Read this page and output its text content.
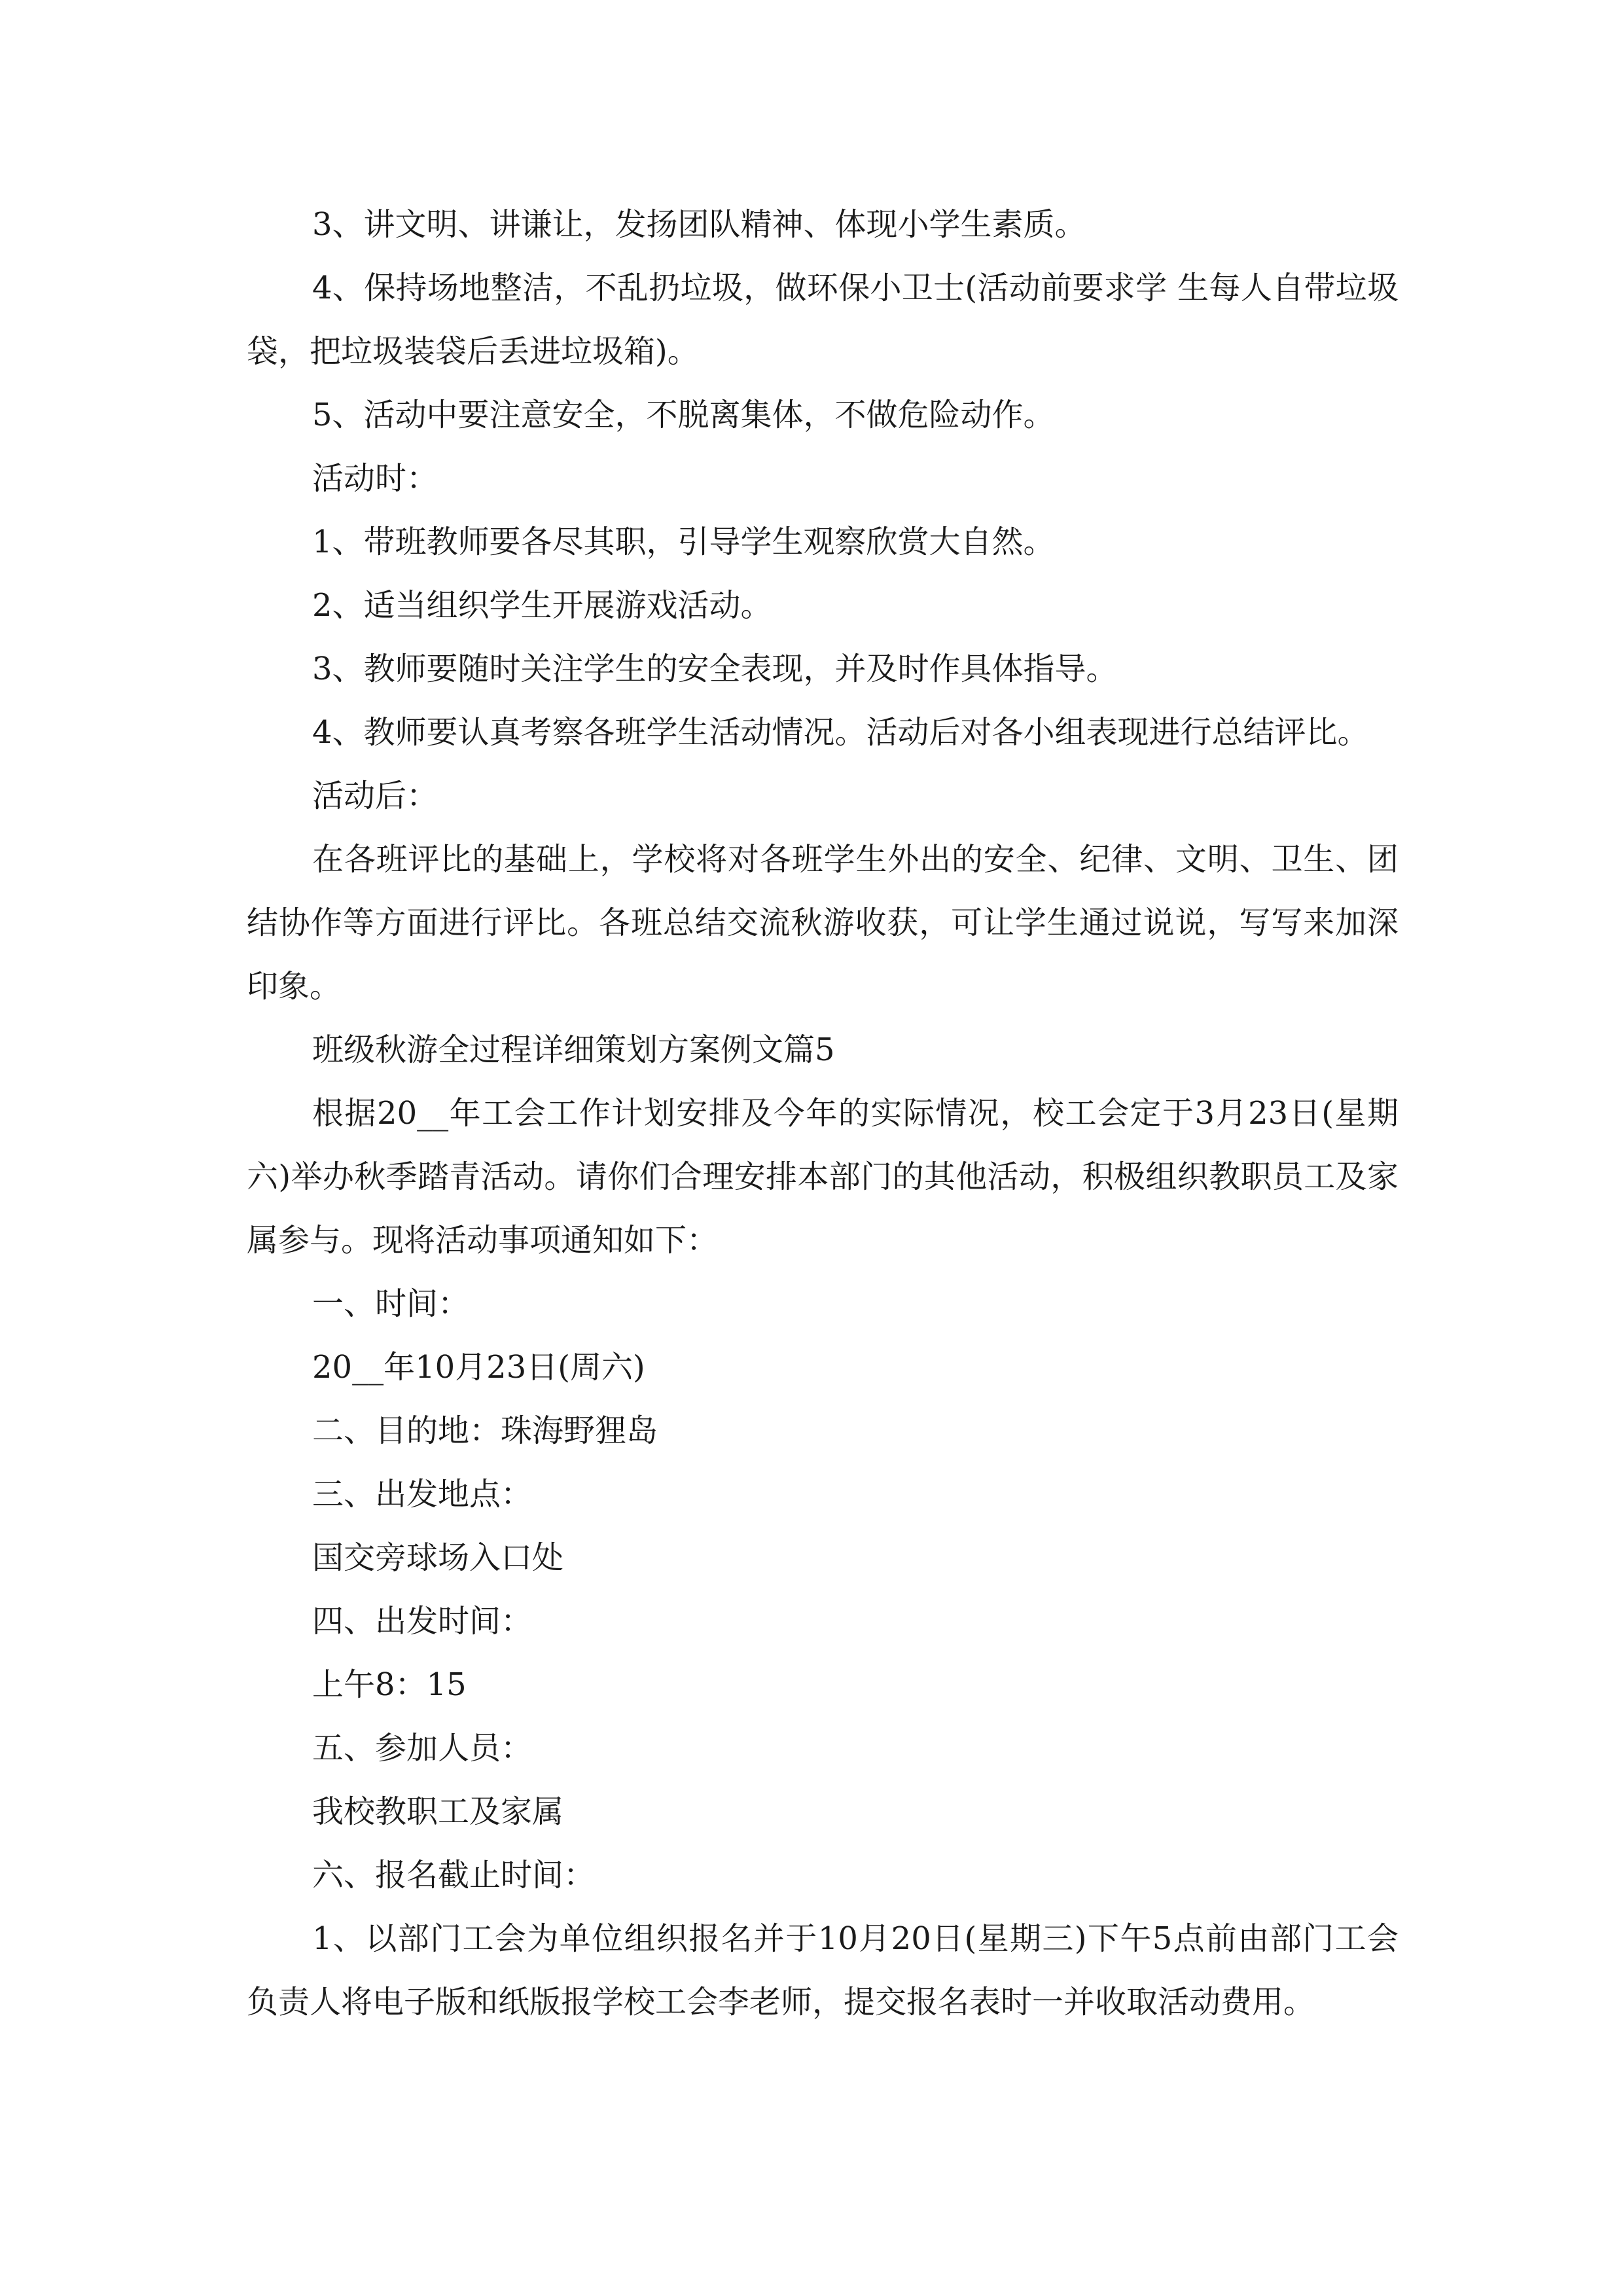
3、讲文明、讲谦让，发扬团队精神、体现小学生素质。

4、保持场地整洁，不乱扔垃圾，做环保小卫士(活动前要求学 生每人自带垃圾袋，把垃圾装袋后丢进垃圾箱)。

5、活动中要注意安全，不脱离集体，不做危险动作。

活动时：

1、带班教师要各尽其职，引导学生观察欣赏大自然。

2、适当组织学生开展游戏活动。

3、教师要随时关注学生的安全表现，并及时作具体指导。

4、教师要认真考察各班学生活动情况。活动后对各小组表现进行总结评比。

活动后：

在各班评比的基础上，学校将对各班学生外出的安全、纪律、文明、卫生、团结协作等方面进行评比。各班总结交流秋游收获，可让学生通过说说，写写来加深印象。

班级秋游全过程详细策划方案例文篇5

根据20__年工会工作计划安排及今年的实际情况，校工会定于3月23日(星期六)举办秋季踏青活动。请你们合理安排本部门的其他活动，积极组织教职员工及家属参与。现将活动事项通知如下：

一、时间：

20__年10月23日(周六)

二、目的地：珠海野狸岛

三、出发地点：

国交旁球场入口处

四、出发时间：

上午8：15

五、参加人员：

我校教职工及家属

六、报名截止时间：

1、以部门工会为单位组织报名并于10月20日(星期三)下午5点前由部门工会负责人将电子版和纸版报学校工会李老师，提交报名表时一并收取活动费用。
